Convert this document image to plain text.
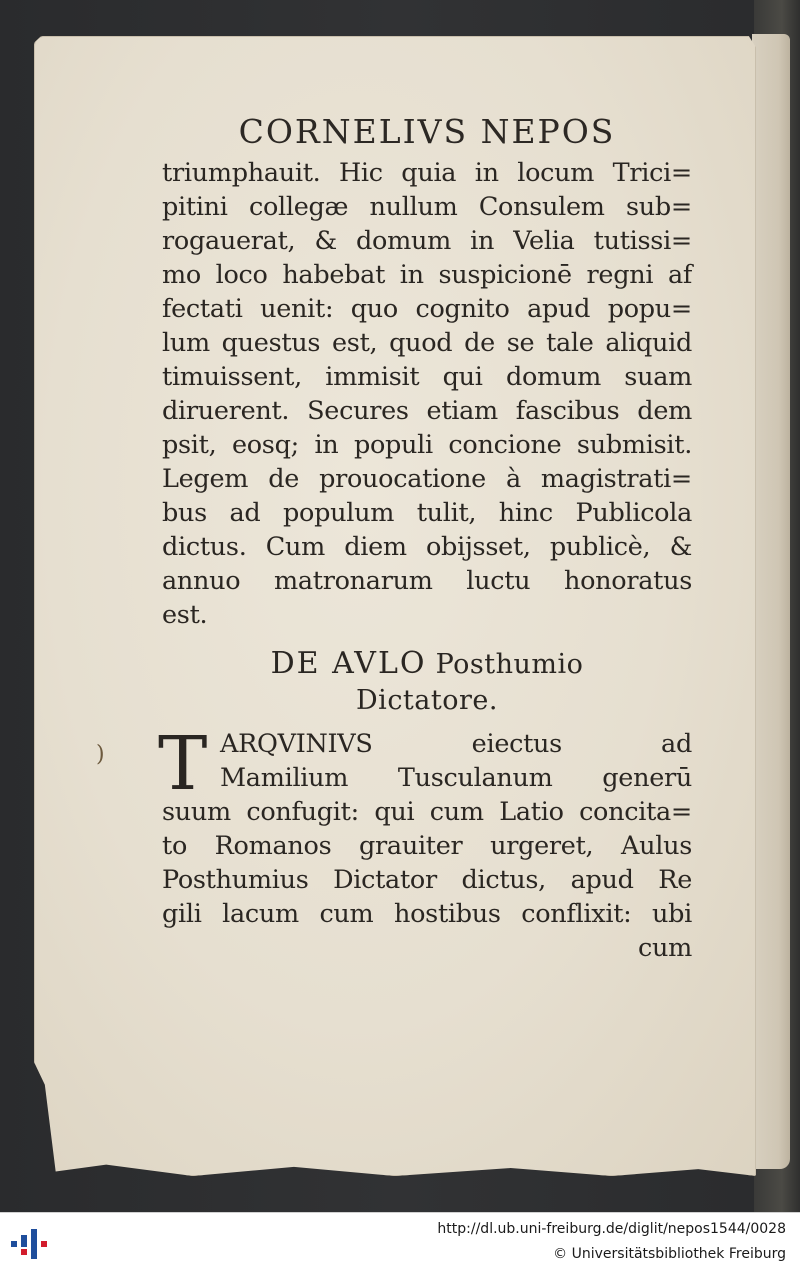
)
CORNELIVS NEPOS
triumphauit. Hic quia in locum Trici=
pitini collegæ nullum Consulem sub=
rogauerat, & domum in Velia tutissi=
mo loco habebat in suspicionē regni af
fectati uenit: quo cognito apud popu=
lum questus est, quod de se tale aliquid
timuissent, immisit qui domum suam
diruerent. Secures etiam fascibus dem
psit, eosq; in populi concione submisit.
Legem de prouocatione à magistrati=
bus ad populum tulit, hinc Publicola
dictus. Cum diem obijsset, publicè, &
annuo matronarum luctu honoratus
est.
DE AVLO Posthumio
Dictatore.
T ARQVINIVS eiectus ad
Mamilium Tusculanum generū
suum confugit: qui cum Latio concita=
to Romanos grauiter urgeret, Aulus
Posthumius Dictator dictus, apud Re
gili lacum cum hostibus conflixit: ubi
cum
http://dl.ub.uni-freiburg.de/diglit/nepos1544/0028
© Universitätsbibliothek Freiburg
